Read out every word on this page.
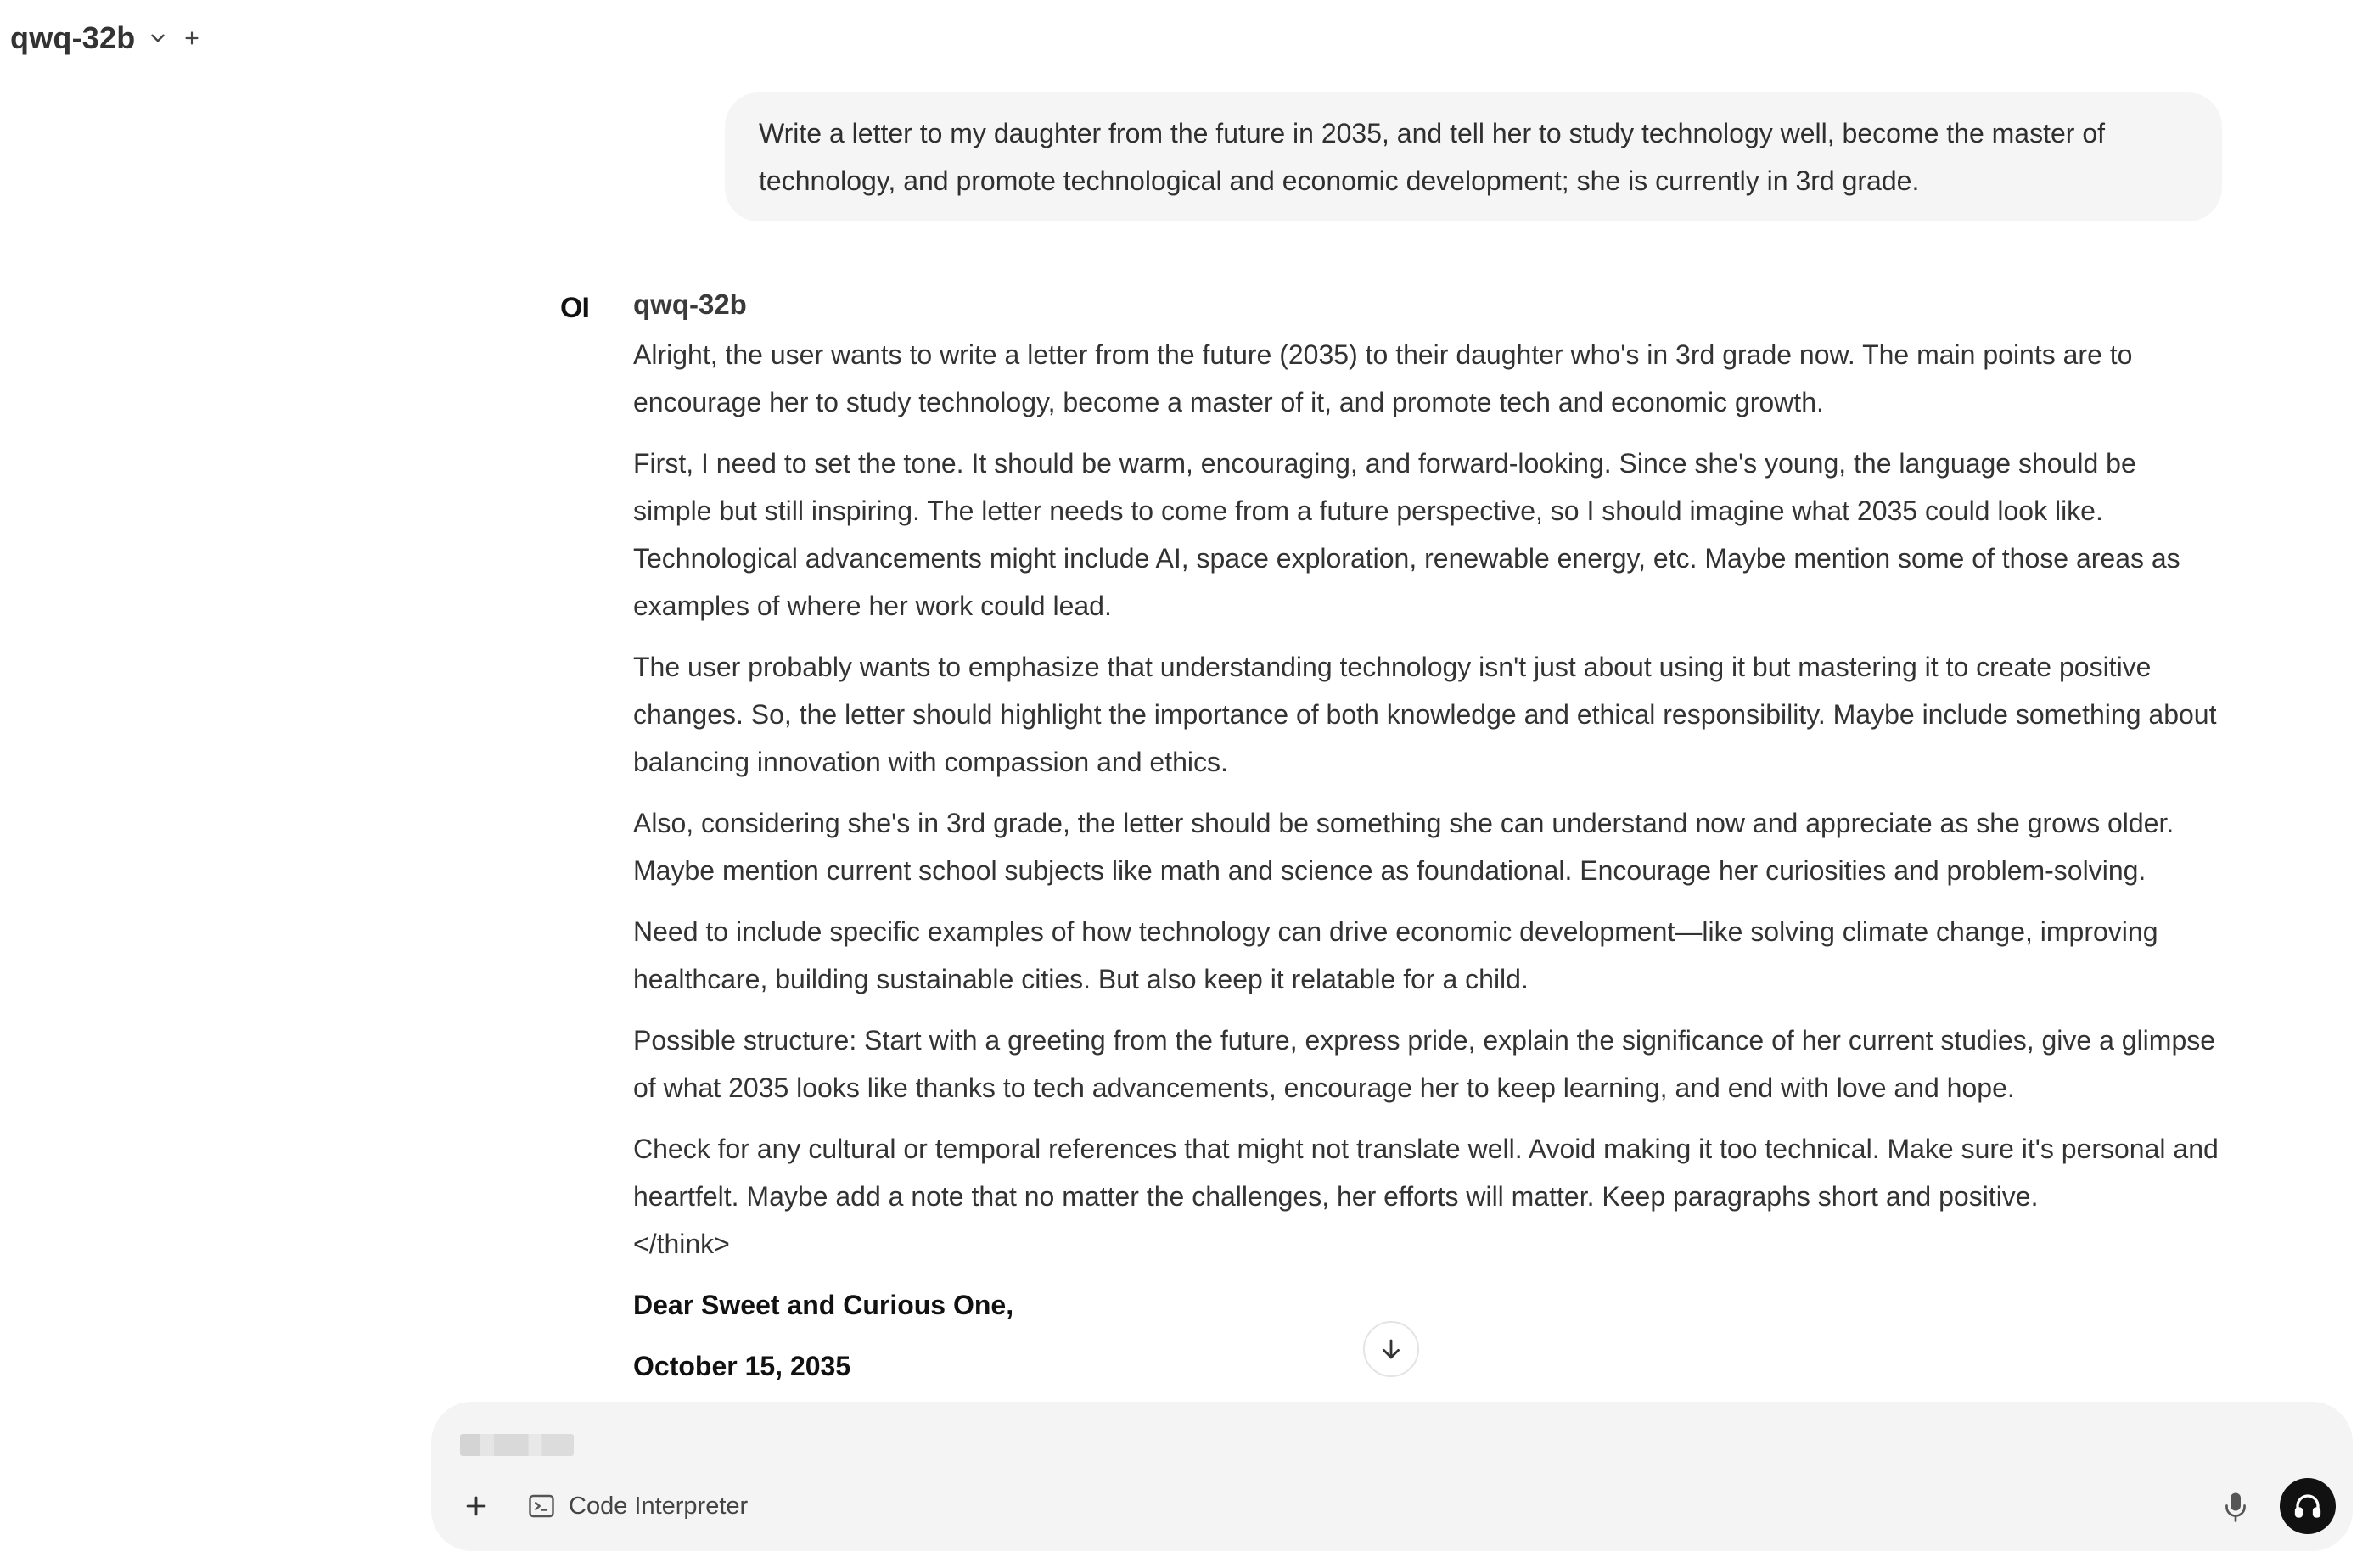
qwq-32b
Write a letter to my daughter from the future in 2035, and tell her to study technology well, become the master of technology, and promote technological and economic development; she is currently in 3rd grade.
OI qwq-32b

Alright, the user wants to write a letter from the future (2035) to their daughter who's in 3rd grade now. The main points are to encourage her to study technology, become a master of it, and promote tech and economic growth.

First, I need to set the tone. It should be warm, encouraging, and forward-looking. Since she's young, the language should be simple but still inspiring. The letter needs to come from a future perspective, so I should imagine what 2035 could look like. Technological advancements might include AI, space exploration, renewable energy, etc. Maybe mention some of those areas as examples of where her work could lead.

The user probably wants to emphasize that understanding technology isn't just about using it but mastering it to create positive changes. So, the letter should highlight the importance of both knowledge and ethical responsibility. Maybe include something about balancing innovation with compassion and ethics.

Also, considering she's in 3rd grade, the letter should be something she can understand now and appreciate as she grows older. Maybe mention current school subjects like math and science as foundational. Encourage her curiosities and problem-solving.

Need to include specific examples of how technology can drive economic development—like solving climate change, improving healthcare, building sustainable cities. But also keep it relatable for a child.

Possible structure: Start with a greeting from the future, express pride, explain the significance of her current studies, give a glimpse of what 2035 looks like thanks to tech advancements, encourage her to keep learning, and end with love and hope.

Check for any cultural or temporal references that might not translate well. Avoid making it too technical. Make sure it's personal and heartfelt. Maybe add a note that no matter the challenges, her efforts will matter. Keep paragraphs short and positive.

</think>

Dear Sweet and Curious One,

October 15, 2035

Code Interpreter
